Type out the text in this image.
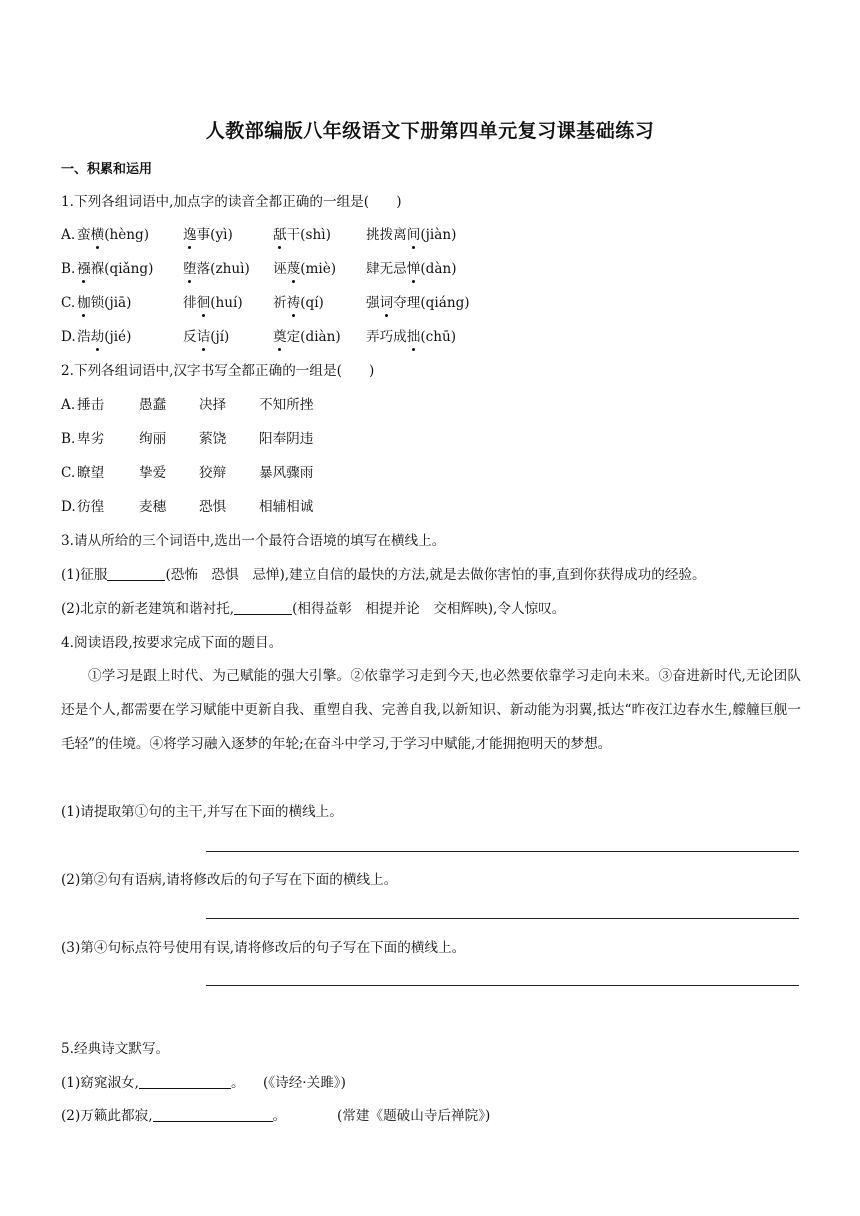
人教部编版八年级语文下册第四单元复习课基础练习
一、积累和运用
1.下列各组词语中,加点字的读音全都正确的一组是(　　)
A. 蛮横(hèng) 逸事(yì)	舐干(shì)	挑拨离间(jiàn)
B. 襁褓(qiǎng) 堕落(zhuì) 诬蔑(miè) 肆无忌惮(dàn)
C. 枷锁(jiā)	徘徊(huí) 祈祷(qí)	强词夺理(qiáng)
D. 浩劫(jié)	反诘(jí)	奠定(diàn) 弄巧成拙(chū)
2.下列各组词语中,汉字书写全都正确的一组是(　　)
A. 捶击	愚蠢 决择 不知所挫
B. 卑劣	绚丽 萦饶 阳奉阴违
C. 瞭望	挚爱 狡辩 暴风骤雨
D. 彷徨	麦穗 恐惧 相辅相诚
3.请从所给的三个词语中,选出一个最符合语境的填写在横线上。
(1)征服	(恐怖　恐惧　忌惮),建立自信的最快的方法,就是去做你害怕的事,直到你获得成功的经验。
(2)北京的新老建筑和谐衬托,	(相得益彰　相提并论　交相辉映),令人惊叹。
4.阅读语段,按要求完成下面的题目。
①学习是跟上时代、为己赋能的强大引擎。②依靠学习走到今天,也必然要依靠学习走向未来。③奋进新时代,无论团队还是个人,都需要在学习赋能中更新自我、重塑自我、完善自我,以新知识、新动能为羽翼,抵达“昨夜江边春水生,艨艟巨舰一毛轻”的佳境。④将学习融入逐梦的年轮;在奋斗中学习,于学习中赋能,才能拥抱明天的梦想。
(1)请提取第①句的主干,并写在下面的横线上。
(2)第②句有语病,请将修改后的句子写在下面的横线上。
(3)第④句标点符号使用有误,请将修改后的句子写在下面的横线上。
5.经典诗文默写。
(1)窈窕淑女,	。 (《诗经·关雎》)
(2)万籁此都寂,	。	(常建《题破山寺后禅院》)
